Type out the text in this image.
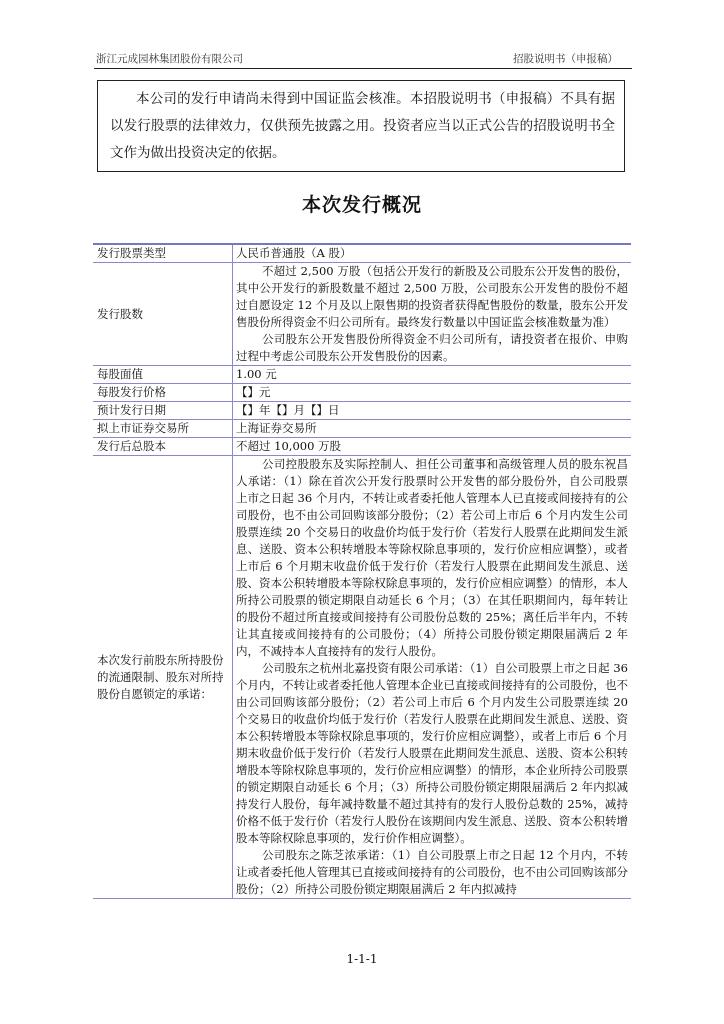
浙江元成园林集团股份有限公司	招股说明书（申报稿）
本公司的发行申请尚未得到中国证监会核准。本招股说明书（申报稿）不具有据以发行股票的法律效力，仅供预先披露之用。投资者应当以正式公告的招股说明书全文作为做出投资决定的依据。
本次发行概况
发行股票类型	人民币普通股（A 股）
发行股数	不超过 2,500 万股（包括公开发行的新股及公司股东公开发售的股份，其中公开发行的新股数量不超过 2,500 万股，公司股东公开发售的股份不超过自愿设定 12 个月及以上限售期的投资者获得配售股份的数量，股东公开发售股份所得资金不归公司所有。最终发行数量以中国证监会核准数量为准）
公司股东公开发售股份所得资金不归公司所有，请投资者在报价、申购过程中考虑公司股东公开发售股份的因素。

每股面值	1.00 元
每股发行价格	【】元
预计发行日期	【】年【】月【】日
拟上市证券交易所	上海证券交易所
发行后总股本	不超过 10,000 万股
本次发行前股东所持股份的流通限制、股东对所持股份自愿锁定的承诺：	公司控股股东及实际控制人、担任公司董事和高级管理人员的股东祝昌人承诺：（1）除在首次公开发行股票时公开发售的部分股份外，自公司股票上市之日起 36 个月内，不转让或者委托他人管理本人已直接或间接持有的公司股份，也不由公司回购该部分股份；（2）若公司上市后 6 个月内发生公司股票连续 20 个交易日的收盘价均低于发行价（若发行人股票在此期间发生派息、送股、资本公积转增股本等除权除息事项的，发行价应相应调整），或者上市后 6 个月期末收盘价低于发行价（若发行人股票在此期间发生派息、送股、资本公积转增股本等除权除息事项的，发行价应相应调整）的情形，本人所持公司股票的锁定期限自动延长 6 个月；（3）在其任职期间内，每年转让的股份不超过所直接或间接持有公司股份总数的 25%；离任后半年内，不转让其直接或间接持有的公司股份；（4）所持公司股份锁定期限届满后 2 年内，不减持本人直接持有的发行人股份。
公司股东之杭州北嘉投资有限公司承诺：（1）自公司股票上市之日起 36 个月内，不转让或者委托他人管理本企业已直接或间接持有的公司股份，也不由公司回购该部分股份；（2）若公司上市后 6 个月内发生公司股票连续 20 个交易日的收盘价均低于发行价（若发行人股票在此期间发生派息、送股、资本公积转增股本等除权除息事项的，发行价应相应调整），或者上市后 6 个月期末收盘价低于发行价（若发行人股票在此期间发生派息、送股、资本公积转增股本等除权除息事项的，发行价应相应调整）的情形，本企业所持公司股票的锁定期限自动延长 6 个月；（3）所持公司股份锁定期限届满后 2 年内拟减持发行人股份，每年减持数量不超过其持有的发行人股份总数的 25%，减持价格不低于发行价（若发行人股份在该期间内发生派息、送股、资本公积转增股本等除权除息事项的，发行价作相应调整）。
公司股东之陈芝浓承诺：（1）自公司股票上市之日起 12 个月内，不转让或者委托他人管理其已直接或间接持有的公司股份，也不由公司回购该部分股份；（2）所持公司股份锁定期限届满后 2 年内拟减持
1-1-1
